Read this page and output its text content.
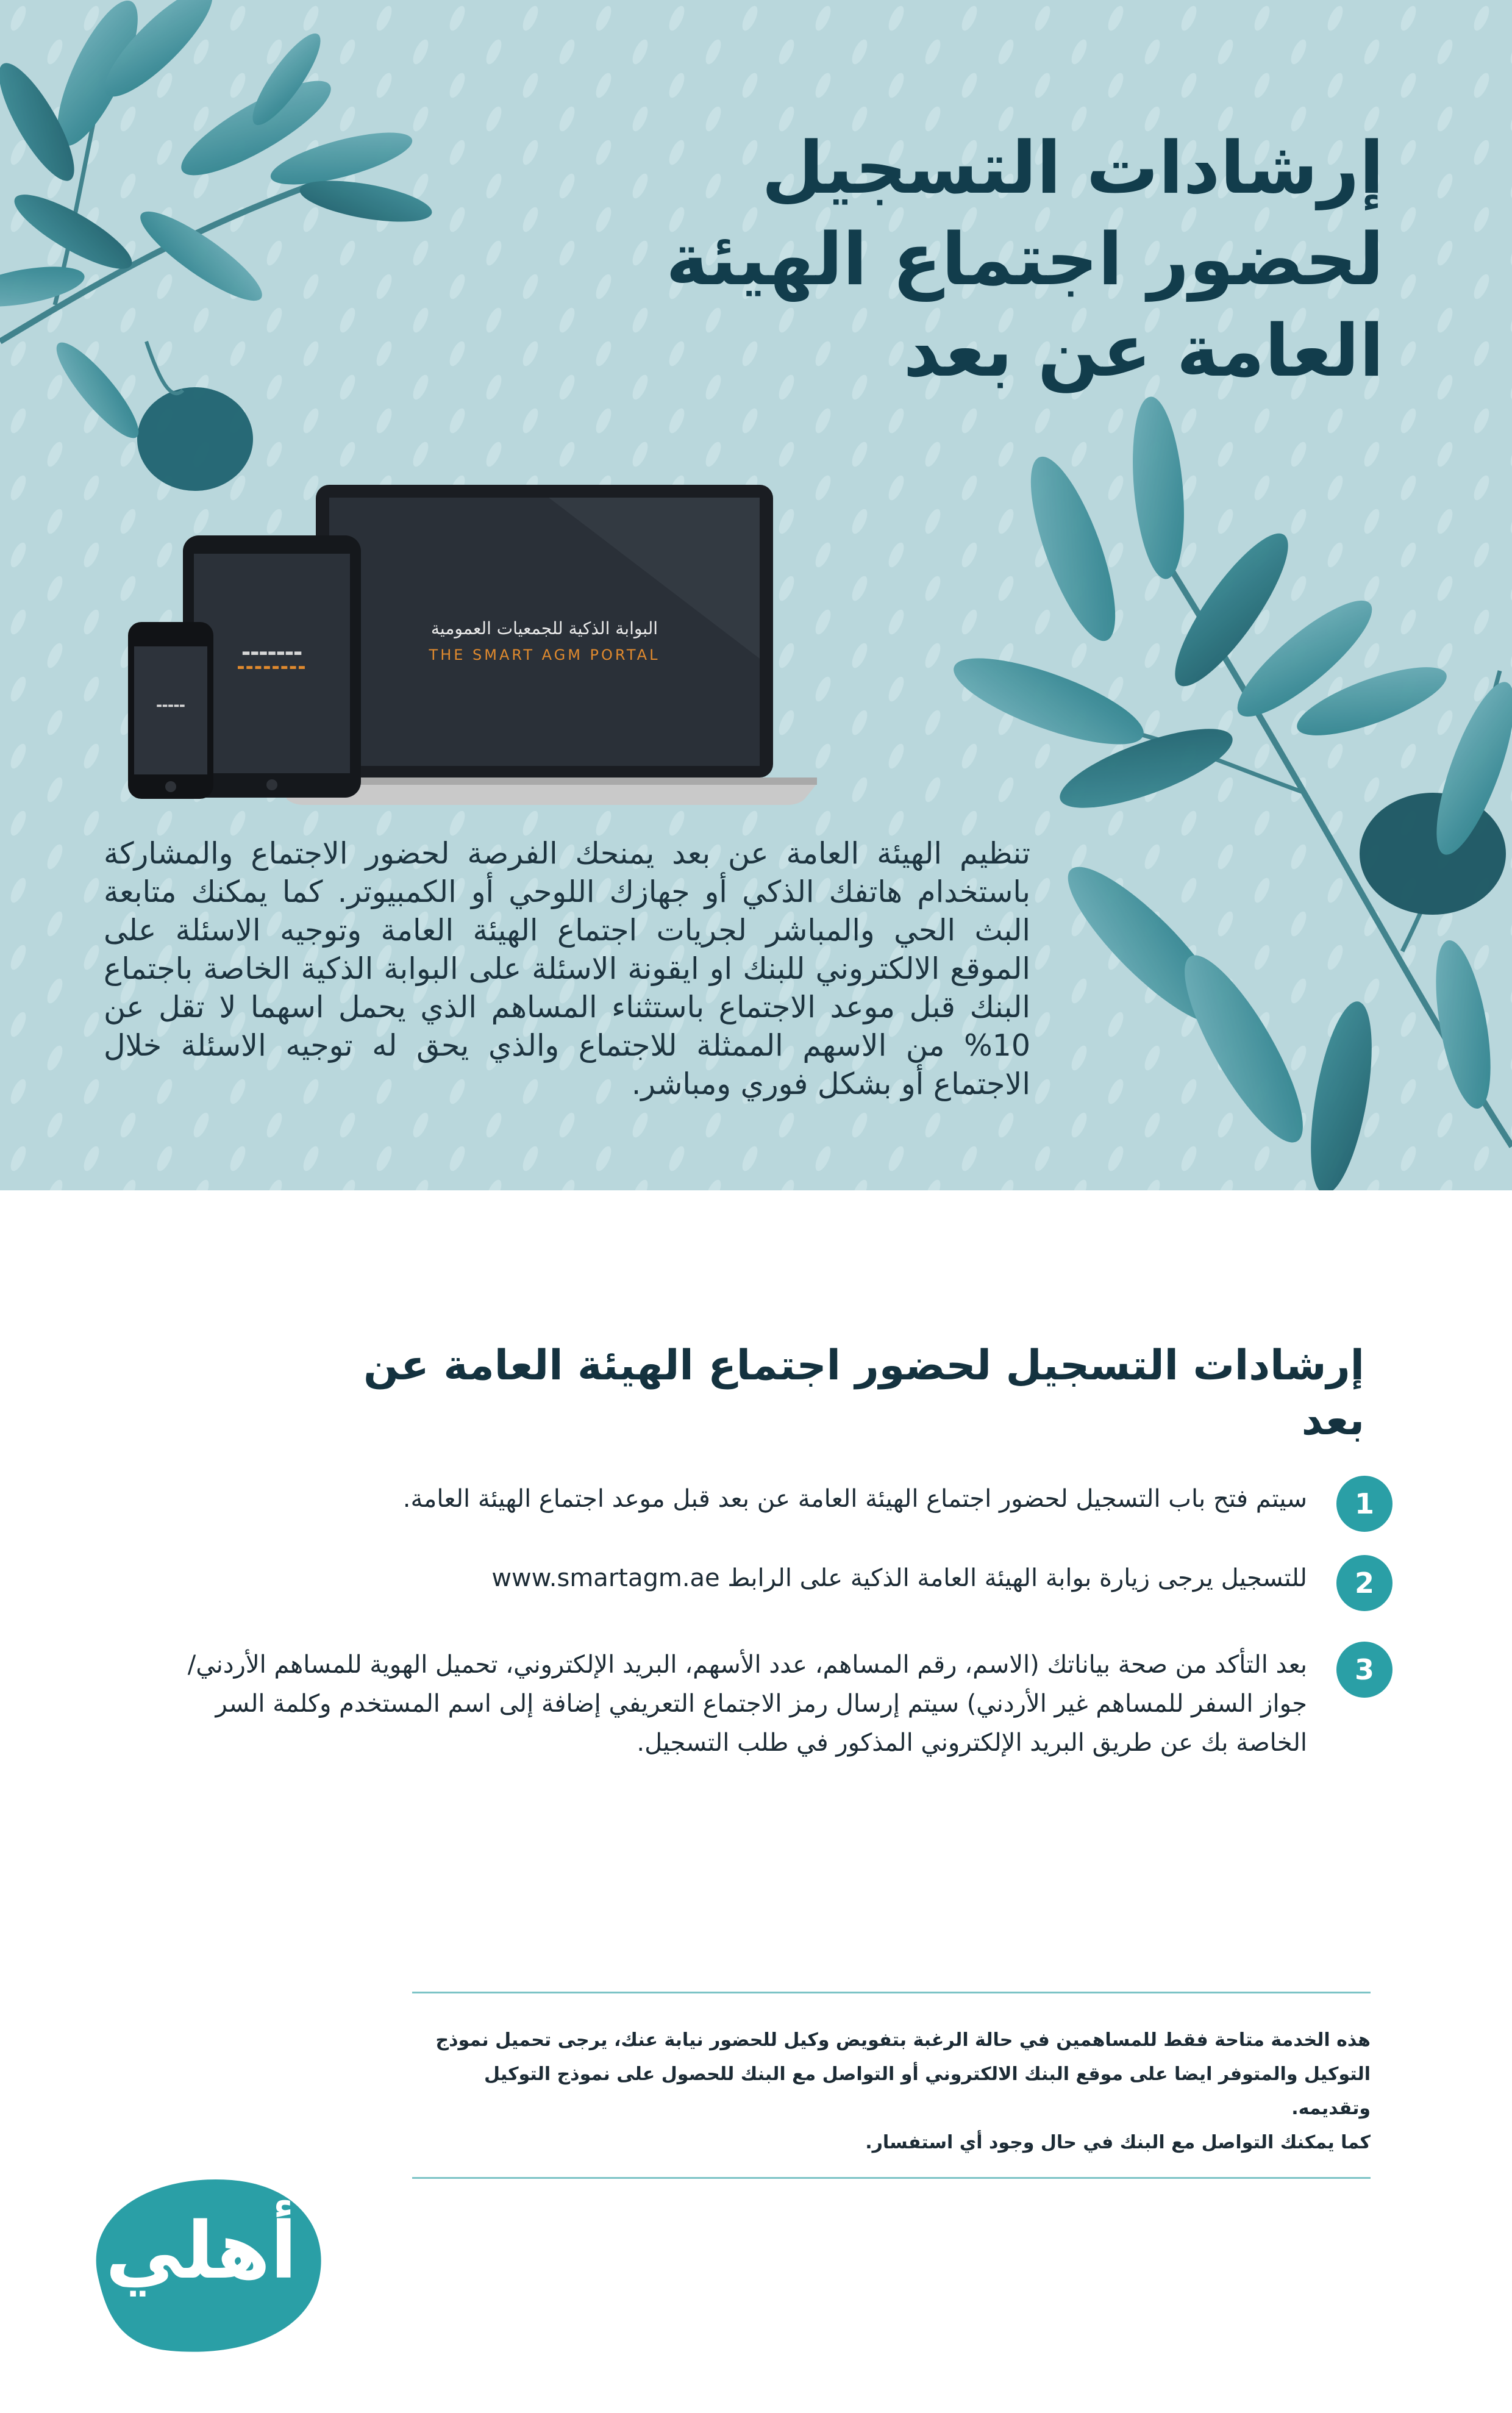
إرشادات التسجيل
لحضور اجتماع الهيئة
العامة عن بعد
البوابة الذكية للجمعيات العمومية
THE SMART AGM PORTAL
▬▬▬▬▬▬▬
▬▬▬▬▬▬▬▬
▬▬▬▬▬

تنظيم الهيئة العامة عن بعد يمنحك الفرصة لحضور الاجتماع والمشاركة باستخدام هاتفك الذكي أو جهازك اللوحي أو الكمبيوتر. كما يمكنك متابعة البث الحي والمباشر لجريات اجتماع الهيئة العامة وتوجيه الاسئلة على الموقع الالكتروني للبنك او ايقونة الاسئلة على البوابة الذكية الخاصة باجتماع البنك قبل موعد الاجتماع باستثناء المساهم الذي يحمل اسهما لا تقل عن 10% من الاسهم الممثلة للاجتماع والذي يحق له توجيه الاسئلة خلال الاجتماع أو بشكل فوري ومباشر.

إرشادات التسجيل لحضور اجتماع الهيئة العامة عن بعد
1
سيتم فتح باب التسجيل لحضور اجتماع الهيئة العامة عن بعد قبل موعد اجتماع الهيئة العامة.
2
للتسجيل يرجى زيارة بوابة الهيئة العامة الذكية على الرابط www.smartagm.ae
3
بعد التأكد من صحة بياناتك (الاسم، رقم المساهم، عدد الأسهم، البريد الإلكتروني، تحميل الهوية للمساهم الأردني/ جواز السفر للمساهم غير الأردني) سيتم إرسال رمز الاجتماع التعريفي إضافة إلى اسم المستخدم وكلمة السر الخاصة بك عن طريق البريد الإلكتروني المذكور في طلب التسجيل.

هذه الخدمة متاحة فقط للمساهمين في حالة الرغبة بتفويض وكيل للحضور نيابة عنك، يرجى تحميل نموذج
التوكيل والمتوفر ايضا على موقع البنك الالكتروني أو التواصل مع البنك للحصول على نموذج التوكيل وتقديمه.
كما يمكنك التواصل مع البنك في حال وجود أي استفسار.

أهلي
